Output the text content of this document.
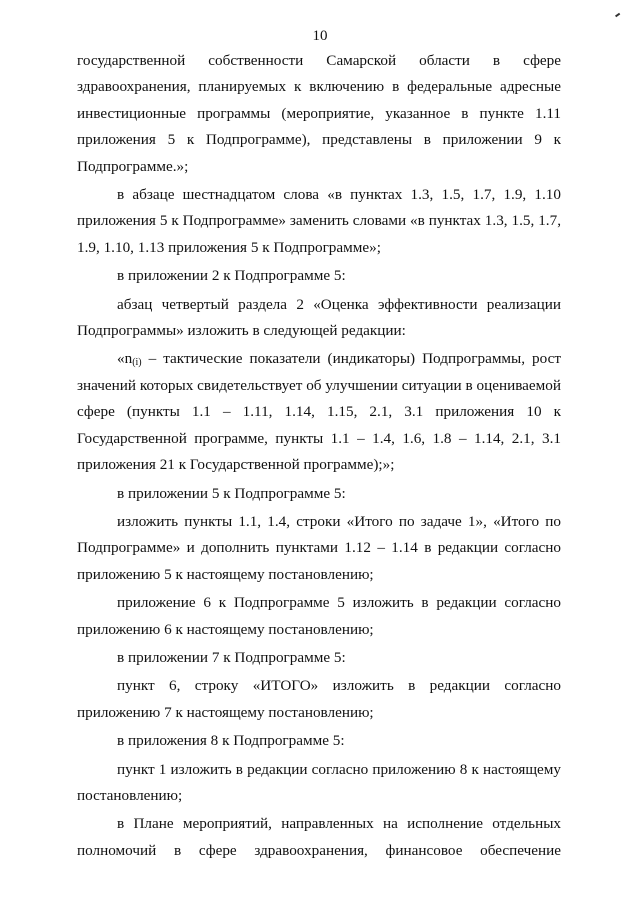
10

государственной собственности Самарской области в сфере здравоохранения, планируемых к включению в федеральные адресные инвестиционные программы (мероприятие, указанное в пункте 1.11 приложения 5 к Подпрограмме), представлены в приложении 9 к Подпрограмме.»;

в абзаце шестнадцатом слова «в пунктах 1.3, 1.5, 1.7, 1.9, 1.10 приложения 5 к Подпрограмме» заменить словами «в пунктах 1.3, 1.5, 1.7, 1.9, 1.10, 1.13 приложения 5 к Подпрограмме»;

в приложении 2 к Подпрограмме 5:

абзац четвертый раздела 2 «Оценка эффективности реализации Подпрограммы» изложить в следующей редакции:

«$n_{(i)}$ – тактические показатели (индикаторы) Подпрограммы, рост значений которых свидетельствует об улучшении ситуации в оцениваемой сфере (пункты 1.1 – 1.11, 1.14, 1.15, 2.1, 3.1 приложения 10 к Государственной программе, пункты 1.1 – 1.4, 1.6, 1.8 – 1.14, 2.1, 3.1 приложения 21 к Государственной программе);»;

в приложении 5 к Подпрограмме 5:

изложить пункты 1.1, 1.4, строки «Итого по задаче 1», «Итого по Подпрограмме» и дополнить пунктами 1.12 – 1.14 в редакции согласно приложению 5 к настоящему постановлению;

приложение 6 к Подпрограмме 5 изложить в редакции согласно приложению 6 к настоящему постановлению;

в приложении 7 к Подпрограмме 5:

пункт 6, строку «ИТОГО» изложить в редакции согласно приложению 7 к настоящему постановлению;

в приложения 8 к Подпрограмме 5:

пункт 1 изложить в редакции согласно приложению 8 к настоящему постановлению;

в Плане мероприятий, направленных на исполнение отдельных полномочий в сфере здравоохранения, финансовое обеспечение
